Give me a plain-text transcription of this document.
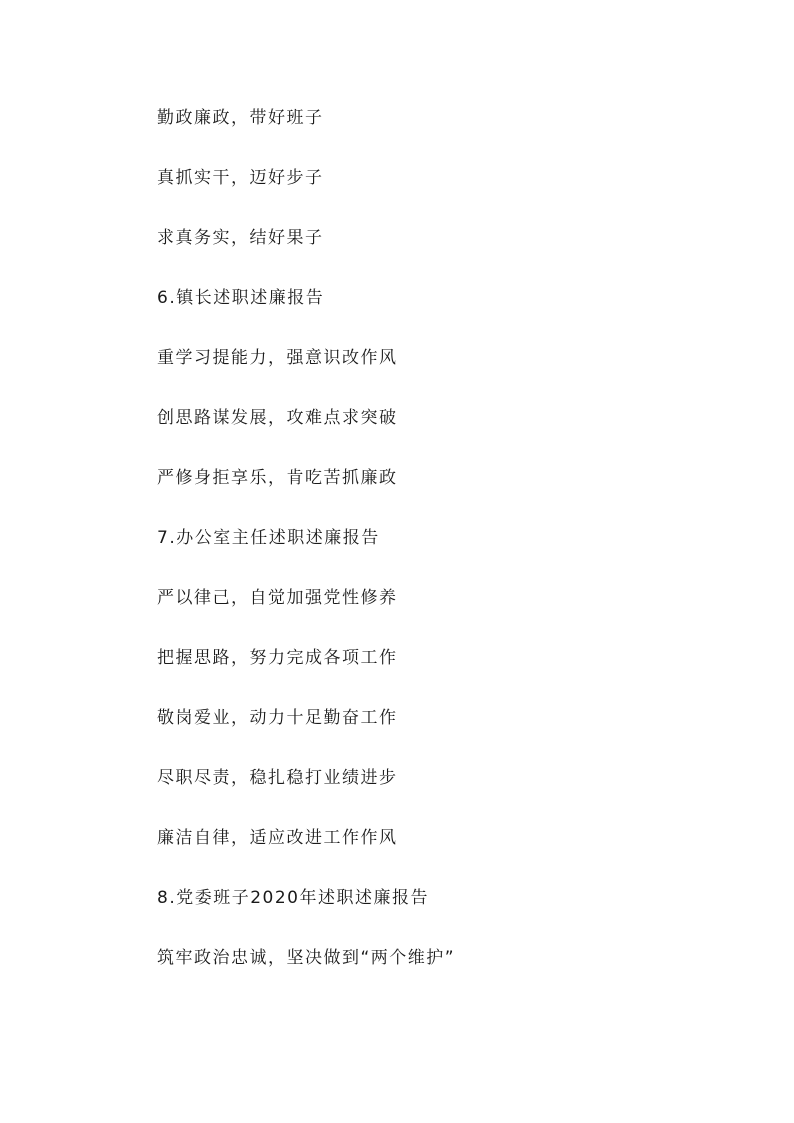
勤政廉政，带好班子
真抓实干，迈好步子
求真务实，结好果子
6.镇长述职述廉报告
重学习提能力，强意识改作风
创思路谋发展，攻难点求突破
严修身拒享乐，肯吃苦抓廉政
7.办公室主任述职述廉报告
严以律己，自觉加强党性修养
把握思路，努力完成各项工作
敬岗爱业，动力十足勤奋工作
尽职尽责，稳扎稳打业绩进步
廉洁自律，适应改进工作作风
8.党委班子2020年述职述廉报告
筑牢政治忠诚，坚决做到“两个维护”
